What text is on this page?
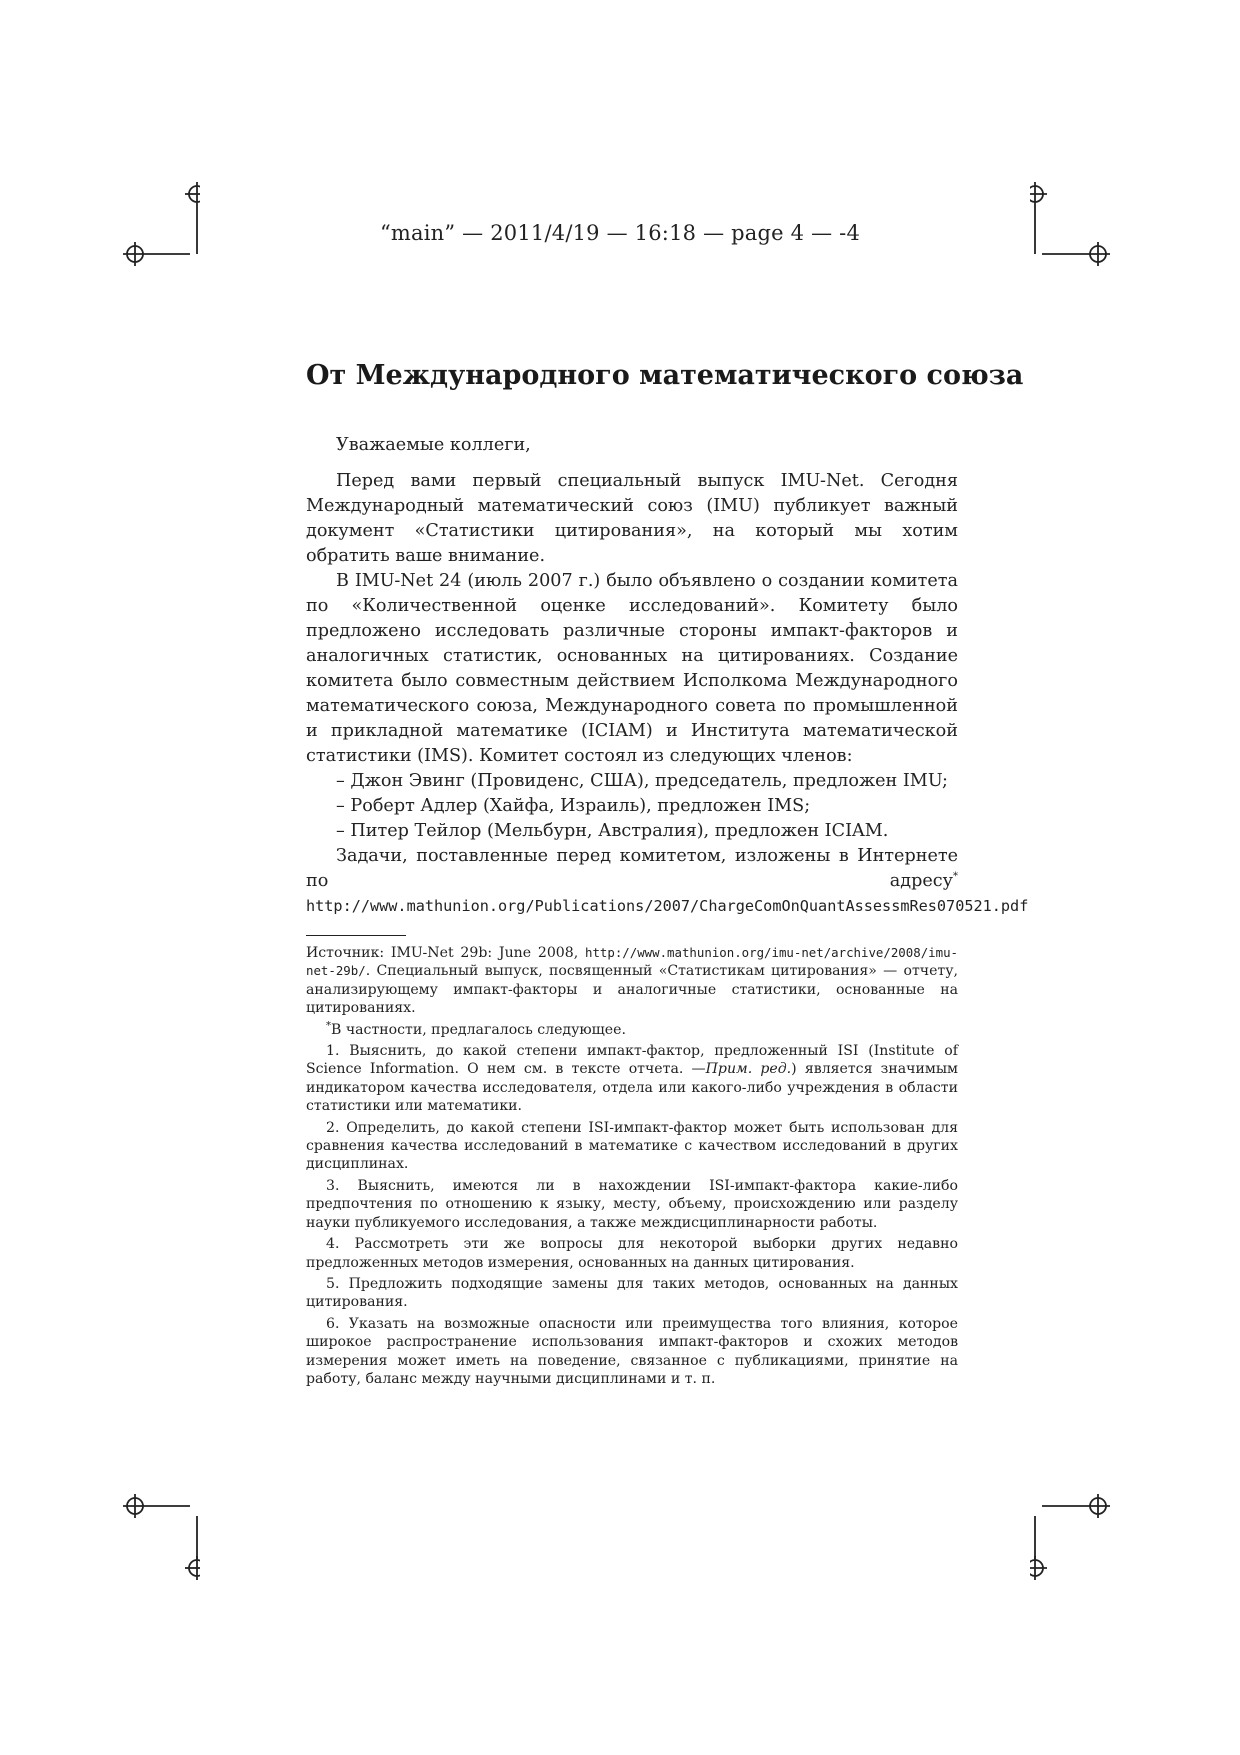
“main” — 2011/4/19 — 16:18 — page 4 — -4
От Международного математического союза

Уважаемые коллеги,

Перед вами первый специальный выпуск IMU-Net. Сегодня Международный математический союз (IMU) публикует важный документ «Статистики цитирования», на который мы хотим обратить ваше внимание.

В IMU-Net 24 (июль 2007 г.) было объявлено о создании комитета по «Количественной оценке исследований». Комитету было предложено исследовать различные стороны импакт-факторов и аналогичных статистик, основанных на цитированиях. Создание комитета было совместным действием Исполкома Международного математического союза, Международного совета по промышленной и прикладной математике (ICIAM) и Института математической статистики (IMS). Комитет состоял из следующих членов:

– Джон Эвинг (Провиденс, США), председатель, предложен IMU;
– Роберт Адлер (Хайфа, Израиль), предложен IMS;
– Питер Тейлор (Мельбурн, Австралия), предложен ICIAM.

Задачи, поставленные перед комитетом, изложены в Интернете по адресу* http://www.mathunion.org/Publications/2007/ChargeComOnQuantAssessmRes070521.pdf

Источник: IMU-Net 29b: June 2008, http://www.mathunion.org/imu-net/archive/2008/imu-net-29b/. Специальный выпуск, посвященный «Статистикам цитирования» — отчету, анализирующему импакт-факторы и аналогичные статистики, основанные на цитированиях.

*В частности, предлагалось следующее.

1. Выяснить, до какой степени импакт-фактор, предложенный ISI (Institute of Science Information. О нем см. в тексте отчета. —Прим. ред.) является значимым индикатором качества исследователя, отдела или какого-либо учреждения в области статистики или математики.

2. Определить, до какой степени ISI-импакт-фактор может быть использован для сравнения качества исследований в математике с качеством исследований в других дисциплинах.

3. Выяснить, имеются ли в нахождении ISI-импакт-фактора какие-либо предпочтения по отношению к языку, месту, объему, происхождению или разделу науки публикуемого исследования, а также междисциплинарности работы.

4. Рассмотреть эти же вопросы для некоторой выборки других недавно предложенных методов измерения, основанных на данных цитирования.

5. Предложить подходящие замены для таких методов, основанных на данных цитирования.

6. Указать на возможные опасности или преимущества того влияния, которое широкое распространение использования импакт-факторов и схожих методов измерения может иметь на поведение, связанное с публикациями, принятие на работу, баланс между научными дисциплинами и т. п.
